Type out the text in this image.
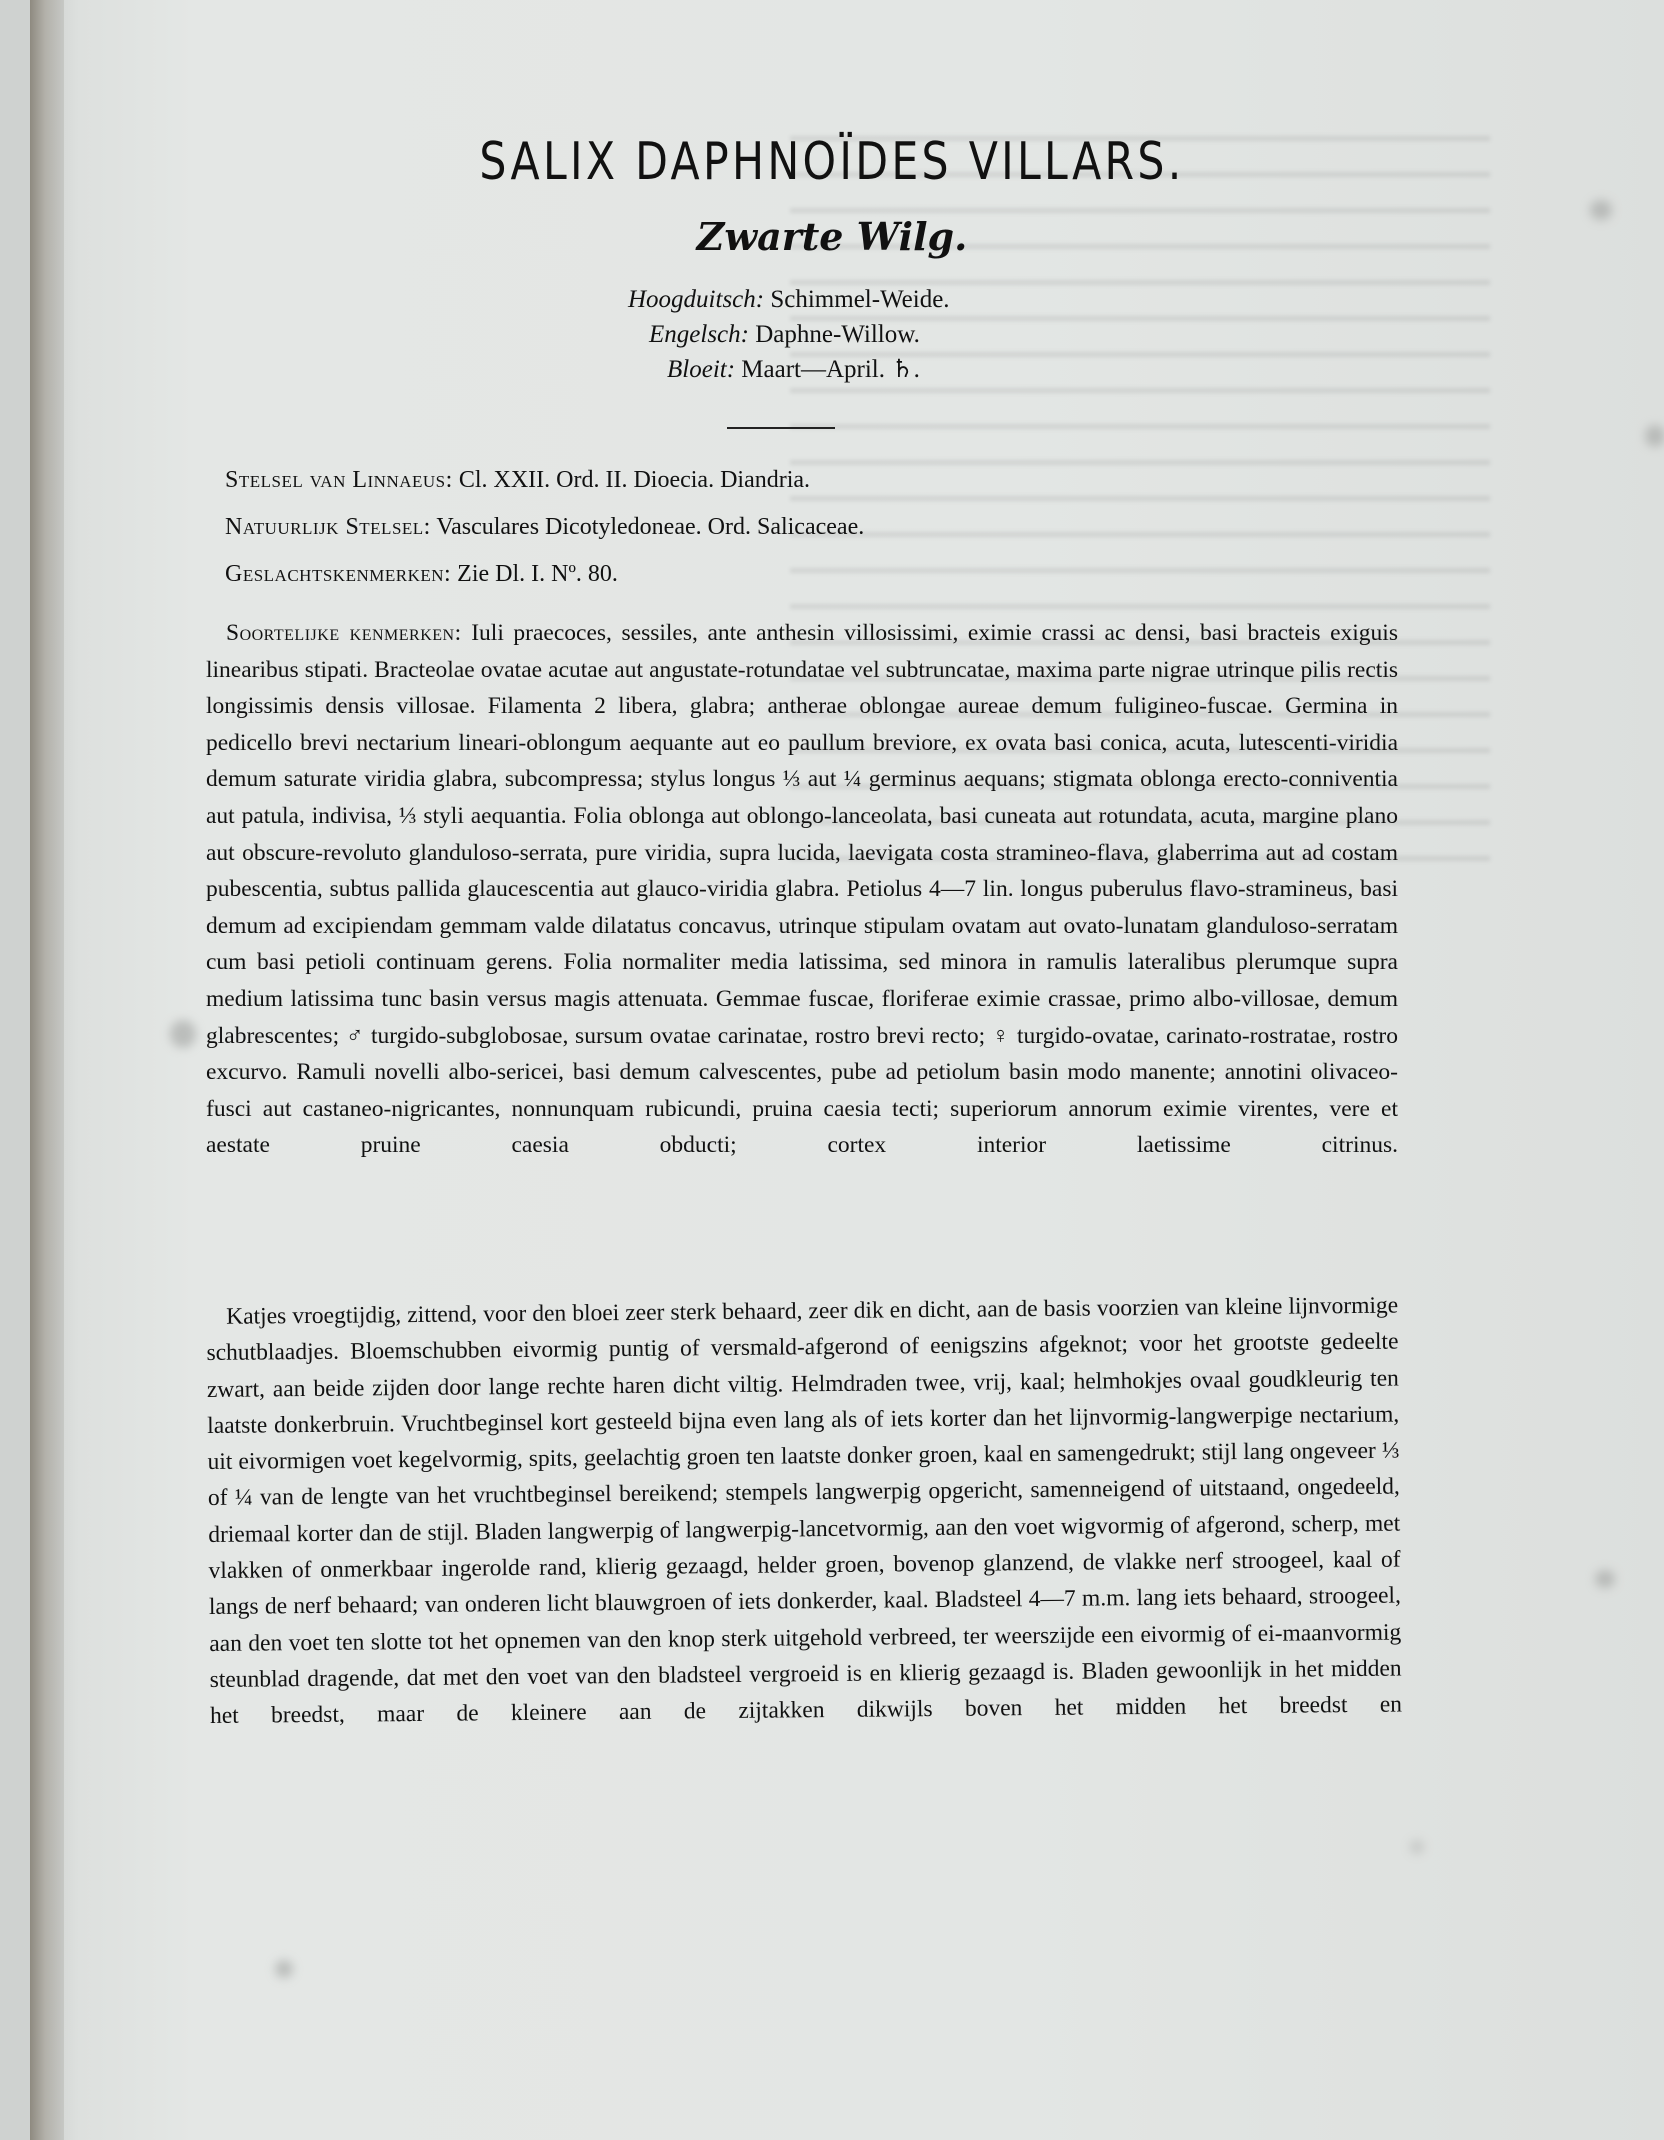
SALIX DAPHNOÏDES VILLARS.
Zwarte Wilg.
Hoogduitsch: Schimmel-Weide.
Engelsch: Daphne-Willow.
Bloeit: Maart—April. ♄.
Stelsel van Linnaeus: Cl. XXII. Ord. II. Dioecia. Diandria.
Natuurlijk Stelsel: Vasculares Dicotyledoneae. Ord. Salicaceae.
Geslachtskenmerken: Zie Dl. I. Nº. 80.
Soortelijke kenmerken: Iuli praecoces, sessiles, ante anthesin villosissimi, eximie crassi ac densi, basi bracteis exiguis linearibus stipati. Bracteolae ovatae acutae aut angustate-rotundatae vel subtruncatae, maxima parte nigrae utrinque pilis rectis longissimis densis villosae. Filamenta 2 libera, glabra; antherae oblongae aureae demum fuligineo-fuscae. Germina in pedicello brevi nectarium lineari-oblongum aequante aut eo paullum breviore, ex ovata basi conica, acuta, lutescenti-viridia demum saturate viridia glabra, subcompressa; stylus longus ⅓ aut ¼ germinus aequans; stigmata oblonga erecto-conniventia aut patula, indivisa, ⅓ styli aequantia. Folia oblonga aut oblongo-lanceolata, basi cuneata aut rotundata, acuta, margine plano aut obscure-revoluto glanduloso-serrata, pure viridia, supra lucida, laevigata costa stramineo-flava, glaberrima aut ad costam pubescentia, subtus pallida glaucescentia aut glauco-viridia glabra. Petiolus 4—7 lin. longus puberulus flavo-stramineus, basi demum ad excipiendam gemmam valde dilatatus concavus, utrinque stipulam ovatam aut ovato-lunatam glanduloso-serratam cum basi petioli continuam gerens. Folia normaliter media latissima, sed minora in ramulis lateralibus plerumque supra medium latissima tunc basin versus magis attenuata. Gemmae fuscae, floriferae eximie crassae, primo albo-villosae, demum glabrescentes; ♂ turgido-subglobosae, sursum ovatae carinatae, rostro brevi recto; ♀ turgido-ovatae, carinato-rostratae, rostro excurvo. Ramuli novelli albo-sericei, basi demum calvescentes, pube ad petiolum basin modo manente; annotini olivaceo-fusci aut castaneo-nigricantes, nonnunquam rubicundi, pruina caesia tecti; superiorum annorum eximie virentes, vere et aestate pruine caesia obducti; cortex interior laetissime citrinus.
Katjes vroegtijdig, zittend, voor den bloei zeer sterk behaard, zeer dik en dicht, aan de basis voorzien van kleine lijnvormige schutblaadjes. Bloemschubben eivormig puntig of versmald-afgerond of eenigszins afgeknot; voor het grootste gedeelte zwart, aan beide zijden door lange rechte haren dicht viltig. Helmdraden twee, vrij, kaal; helmhokjes ovaal goudkleurig ten laatste donkerbruin. Vruchtbeginsel kort gesteeld bijna even lang als of iets korter dan het lijnvormig-langwerpige nectarium, uit eivormigen voet kegelvormig, spits, geelachtig groen ten laatste donker groen, kaal en samengedrukt; stijl lang ongeveer ⅓ of ¼ van de lengte van het vruchtbeginsel bereikend; stempels langwerpig opgericht, samenneigend of uitstaand, ongedeeld, driemaal korter dan de stijl. Bladen langwerpig of langwerpig-lancetvormig, aan den voet wigvormig of afgerond, scherp, met vlakken of onmerkbaar ingerolde rand, klierig gezaagd, helder groen, bovenop glanzend, de vlakke nerf stroogeel, kaal of langs de nerf behaard; van onderen licht blauwgroen of iets donkerder, kaal. Bladsteel 4—7 m.m. lang iets behaard, stroogeel, aan den voet ten slotte tot het opnemen van den knop sterk uitgehold verbreed, ter weerszijde een eivormig of ei-maanvormig steunblad dragende, dat met den voet van den bladsteel vergroeid is en klierig gezaagd is. Bladen gewoonlijk in het midden het breedst, maar de kleinere aan de zijtakken dikwijls boven het midden het breedst en
